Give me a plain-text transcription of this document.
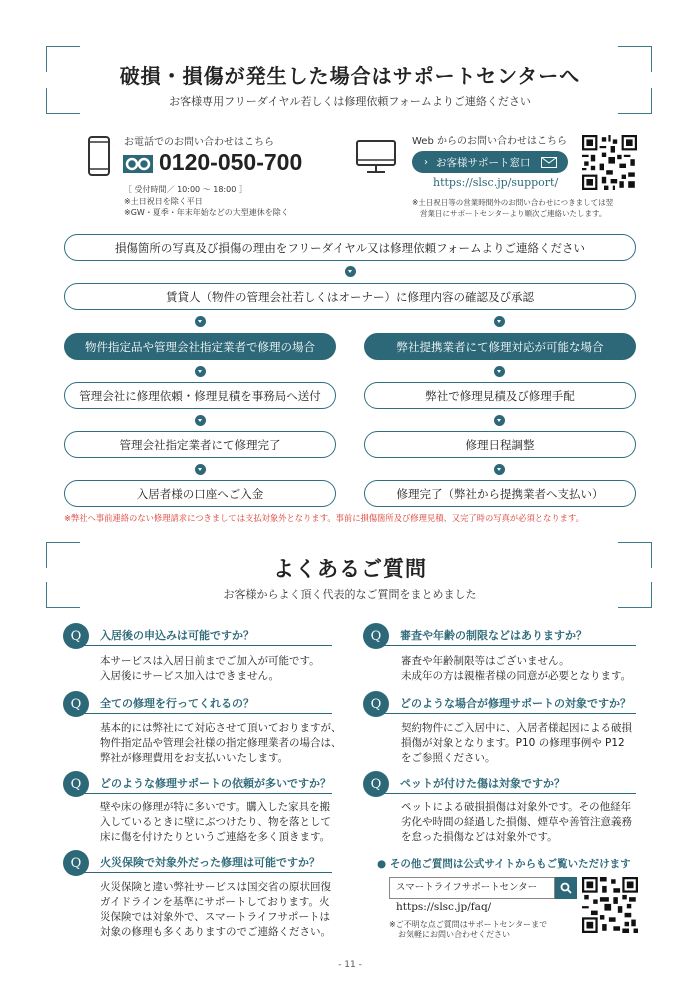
破損・損傷が発生した場合はサポートセンターへ
お客様専用フリーダイヤル若しくは修理依頼フォームよりご連絡ください
お電話でのお問い合わせはこちら
0120-050-700
［ 受付時間／ 10:00 ～ 18:00 ］
※土日祝日を除く平日
※GW・夏季・年末年始などの大型連休を除く
Web からのお問い合わせはこちら
› お客様サポート窓口
https://slsc.jp/support/
※土日祝日等の営業時間外のお問い合わせにつきましては翌
営業日にサポートセンターより順次ご連絡いたします。
損傷箇所の写真及び損傷の理由をフリーダイヤル又は修理依頼フォームよりご連絡ください
賃貸人（物件の管理会社若しくはオーナー）に修理内容の確認及び承認
物件指定品や管理会社指定業者で修理の場合	弊社提携業者にて修理対応が可能な場合
管理会社に修理依頼・修理見積を事務局へ送付	弊社で修理見積及び修理手配
管理会社指定業者にて修理完了	修理日程調整
入居者様の口座へご入金	修理完了（弊社から提携業者へ支払い）
※弊社へ事前連絡のない修理請求につきましては支払対象外となります。事前に損傷箇所及び修理見積、又完了時の写真が必須となります。
よくあるご質問
お客様からよく頂く代表的なご質問をまとめました
入居後の申込みは可能ですか？
Q
本サービスは入居日前までご加入が可能です。
入居後にサービス加入はできません。
全ての修理を行ってくれるの？
Q
基本的には弊社にて対応させて頂いておりますが、
物件指定品や管理会社様の指定修理業者の場合は、
弊社が修理費用をお支払いいたします。
どのような修理サポートの依頼が多いですか？
Q
壁や床の修理が特に多いです。購入した家具を搬
入しているときに壁にぶつけたり、物を落として
床に傷を付けたりというご連絡を多く頂きます。
火災保険で対象外だった修理は可能ですか？
Q
火災保険と違い弊社サービスは国交省の原状回復
ガイドラインを基準にサポートしております。火
災保険では対象外で、スマートライフサポートは
対象の修理も多くありますのでご連絡ください。
審査や年齢の制限などはありますか？
Q
審査や年齢制限等はございません。
未成年の方は親権者様の同意が必要となります。
どのような場合が修理サポートの対象ですか？
Q
契約物件にご入居中に、入居者様起因による破損
損傷が対象となります。P10 の修理事例や P12
をご参照ください。
ペットが付けた傷は対象ですか？
Q
ペットによる破損損傷は対象外です。その他経年
劣化や時間の経過した損傷、煙草や善管注意義務
を怠った損傷などは対象外です。
● その他ご質問は公式サイトからもご覧いただけます
スマートライフサポートセンター
https://slsc.jp/faq/
※ご不明な点ご質問はサポートセンターまで
お気軽にお問い合わせください
- 11 -
